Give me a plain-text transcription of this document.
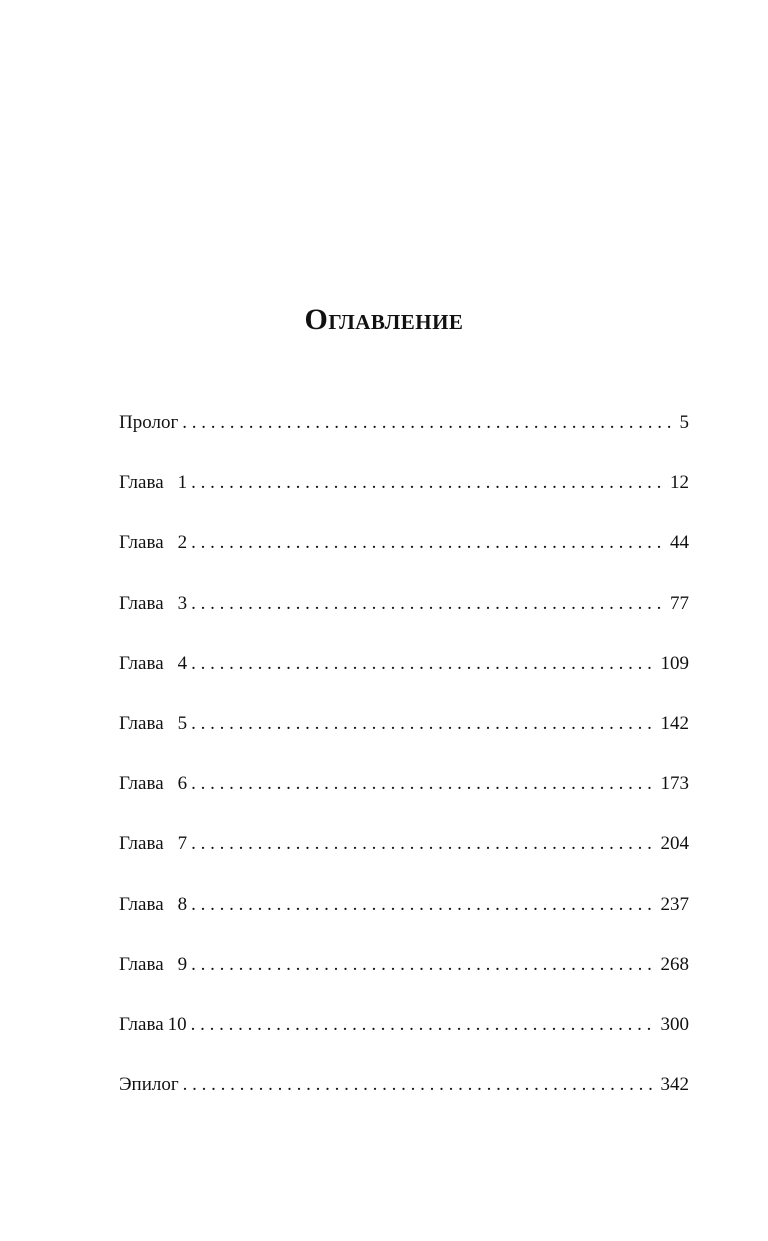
Оглавление
Пролог . . .	5
Глава 1 . . .	12
Глава 2 . . .	44
Глава 3 . . .	77
Глава 4 . . .	109
Глава 5 . . .	142
Глава 6 . . .	173
Глава 7 . . .	204
Глава 8 . . .	237
Глава 9 . . .	268
Глава 10 . . .	300
Эпилог . . .	342
